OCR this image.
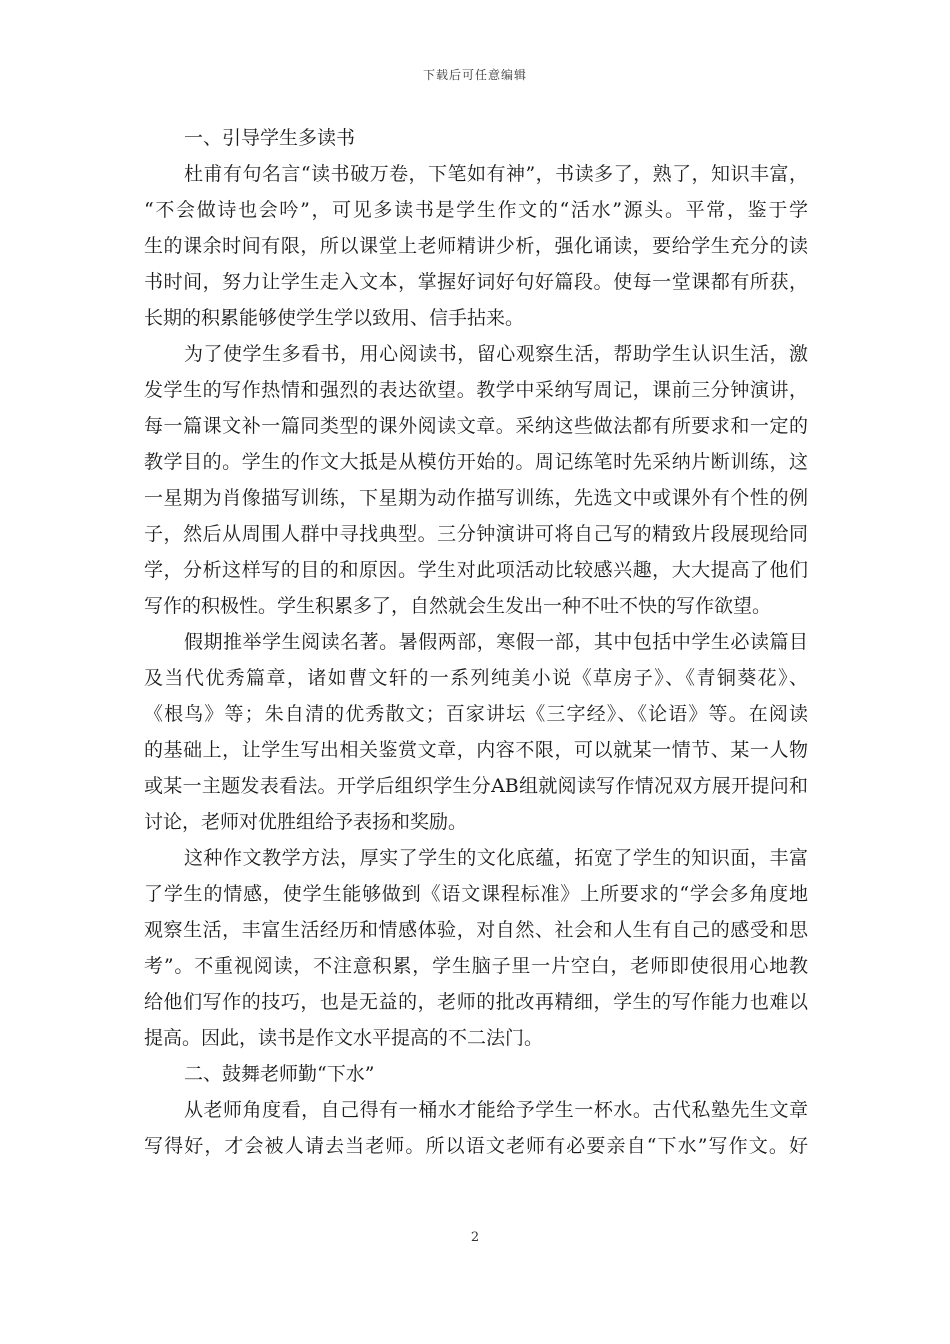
下载后可任意编辑
一、引导学生多读书
杜甫有句名言“读书破万卷，下笔如有神”，书读多了，熟了，知识丰富，
“不会做诗也会吟”，可见多读书是学生作文的“活水”源头。平常，鉴于学
生的课余时间有限，所以课堂上老师精讲少析，强化诵读，要给学生充分的读
书时间，努力让学生走入文本，掌握好词好句好篇段。使每一堂课都有所获，
长期的积累能够使学生学以致用、信手拈来。
为了使学生多看书，用心阅读书，留心观察生活，帮助学生认识生活，激
发学生的写作热情和强烈的表达欲望。教学中采纳写周记，课前三分钟演讲，
每一篇课文补一篇同类型的课外阅读文章。采纳这些做法都有所要求和一定的
教学目的。学生的作文大抵是从模仿开始的。周记练笔时先采纳片断训练，这
一星期为肖像描写训练，下星期为动作描写训练，先选文中或课外有个性的例
子，然后从周围人群中寻找典型。三分钟演讲可将自己写的精致片段展现给同
学，分析这样写的目的和原因。学生对此项活动比较感兴趣，大大提高了他们
写作的积极性。学生积累多了，自然就会生发出一种不吐不快的写作欲望。
假期推举学生阅读名著。暑假两部，寒假一部，其中包括中学生必读篇目
及当代优秀篇章，诸如曹文轩的一系列纯美小说《草房子》、《青铜葵花》、
《根鸟》等；朱自清的优秀散文；百家讲坛《三字经》、《论语》等。在阅读
的基础上，让学生写出相关鉴赏文章，内容不限，可以就某一情节、某一人物
或某一主题发表看法。开学后组织学生分AB组就阅读写作情况双方展开提问和
讨论，老师对优胜组给予表扬和奖励。
这种作文教学方法，厚实了学生的文化底蕴，拓宽了学生的知识面，丰富
了学生的情感，使学生能够做到《语文课程标准》上所要求的“学会多角度地
观察生活，丰富生活经历和情感体验，对自然、社会和人生有自己的感受和思
考”。不重视阅读，不注意积累，学生脑子里一片空白，老师即使很用心地教
给他们写作的技巧，也是无益的，老师的批改再精细，学生的写作能力也难以
提高。因此，读书是作文水平提高的不二法门。
二、鼓舞老师勤“下水”
从老师角度看，自己得有一桶水才能给予学生一杯水。古代私塾先生文章
写得好，才会被人请去当老师。所以语文老师有必要亲自“下水”写作文。好
2
